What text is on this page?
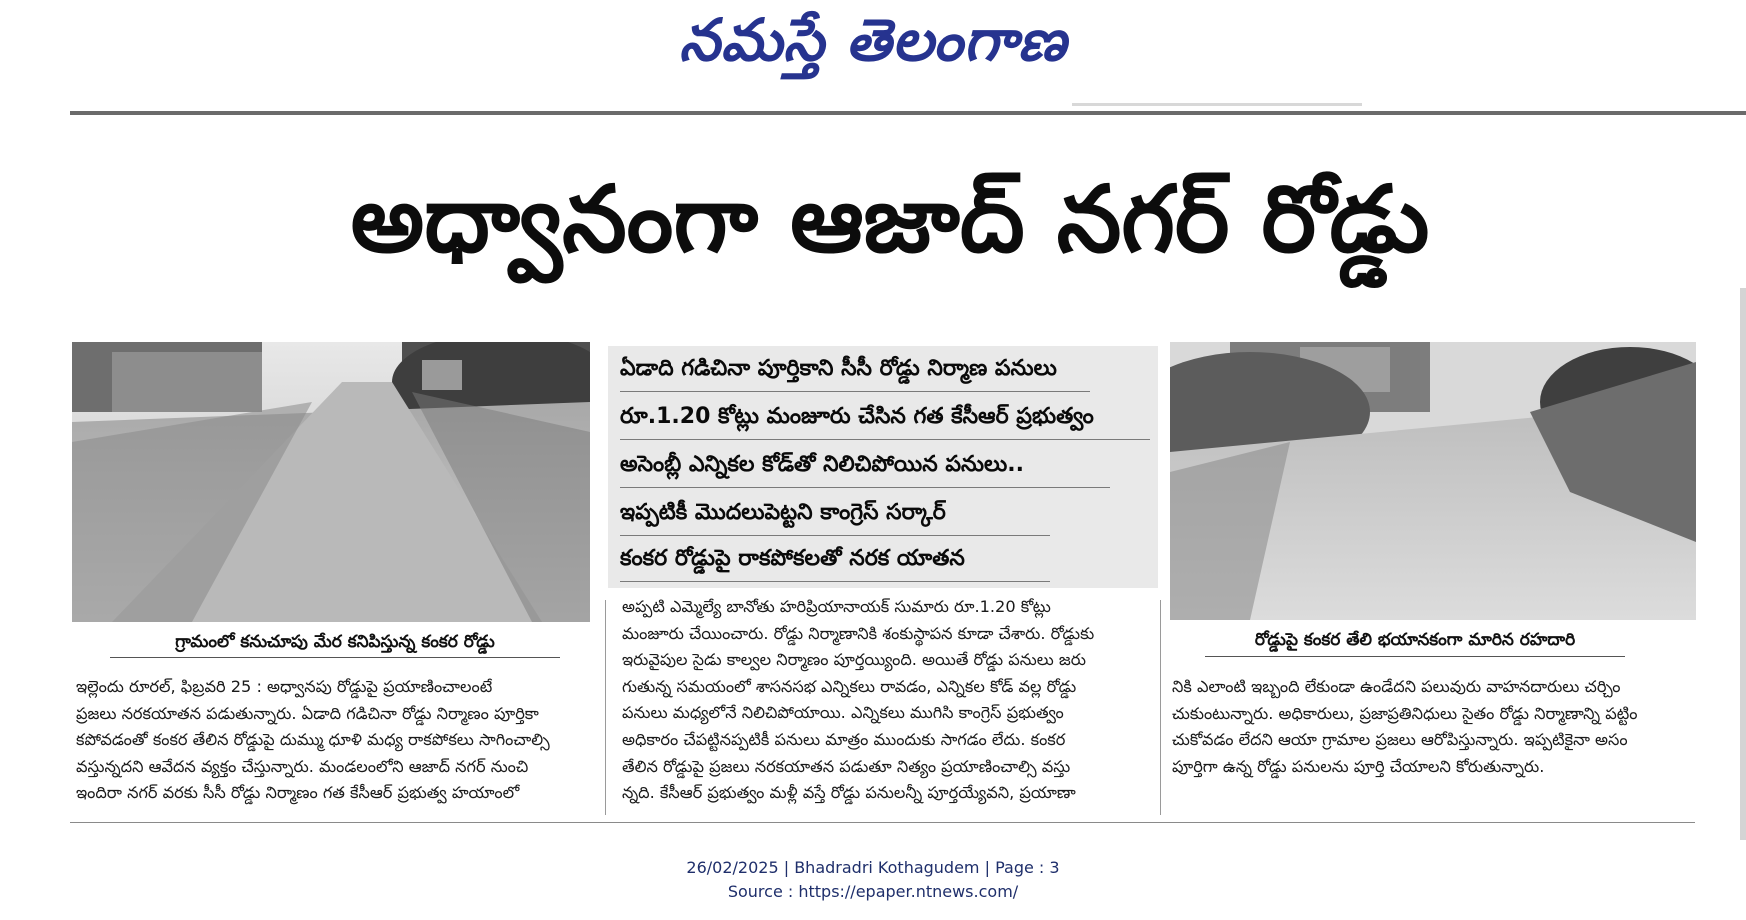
నమస్తే తెలంగాణ
అధ్వానంగా ఆజాద్ నగర్ రోడ్డు
గ్రామంలో కనుచూపు మేర కనిపిస్తున్న కంకర రోడ్డు	రోడ్డుపై కంకర తేలి భయానకంగా మారిన రహదారి
ఏడాది గడిచినా పూర్తికాని సీసీ రోడ్డు నిర్మాణ పనులు
రూ.1.20 కోట్లు మంజూరు చేసిన గత కేసీఆర్ ప్రభుత్వం
అసెంబ్లీ ఎన్నికల కోడ్‌తో నిలిచిపోయిన పనులు..
ఇప్పటికీ మొదలుపెట్టని కాంగ్రెస్ సర్కార్
కంకర రోడ్డుపై రాకపోకలతో నరక యాతన

ఇల్లెందు రూరల్, ఫిబ్రవరి 25 : అధ్వానపు రోడ్డుపై ప్రయాణించాలంటే

ప్రజలు నరకయాతన పడుతున్నారు. ఏడాది గడిచినా రోడ్డు నిర్మాణం పూర్తికా

కపోవడంతో కంకర తేలిన రోడ్డుపై దుమ్ము ధూళి మధ్య రాకపోకలు సాగించాల్సి

వస్తున్నదని ఆవేదన వ్యక్తం చేస్తున్నారు. మండలంలోని ఆజాద్ నగర్ నుంచి

ఇందిరా నగర్ వరకు సీసీ రోడ్డు నిర్మాణం గత కేసీఆర్ ప్రభుత్వ హయాంలో

అప్పటి ఎమ్మెల్యే బానోతు హరిప్రియానాయక్ సుమారు రూ.1.20 కోట్లు

మంజూరు చేయించారు. రోడ్డు నిర్మాణానికి శంకుస్థాపన కూడా చేశారు. రోడ్డుకు

ఇరువైపుల సైడు కాల్వల నిర్మాణం పూర్తయ్యింది. అయితే రోడ్డు పనులు జరు

గుతున్న సమయంలో శాసనసభ ఎన్నికలు రావడం, ఎన్నికల కోడ్ వల్ల రోడ్డు

పనులు మధ్యలోనే నిలిచిపోయాయి. ఎన్నికలు ముగిసి కాంగ్రెస్ ప్రభుత్వం

అధికారం చేపట్టినప్పటికీ పనులు మాత్రం ముందుకు సాగడం లేదు. కంకర

తేలిన రోడ్డుపై ప్రజలు నరకయాతన పడుతూ నిత్యం ప్రయాణించాల్సి వస్తు

న్నది. కేసీఆర్ ప్రభుత్వం మళ్లీ వస్తే రోడ్డు పనులన్నీ పూర్తయ్యేవని, ప్రయాణా

నికి ఎలాంటి ఇబ్బంది లేకుండా ఉండేదని పలువురు వాహనదారులు చర్చిం

చుకుంటున్నారు. అధికారులు, ప్రజాప్రతినిధులు సైతం రోడ్డు నిర్మాణాన్ని పట్టిం

చుకోవడం లేదని ఆయా గ్రామాల ప్రజలు ఆరోపిస్తున్నారు. ఇప్పటికైనా అసం

పూర్తిగా ఉన్న రోడ్డు పనులను పూర్తి చేయాలని కోరుతున్నారు.

26/02/2025 | Bhadradri Kothagudem | Page : 3
Source : https://epaper.ntnews.com/
